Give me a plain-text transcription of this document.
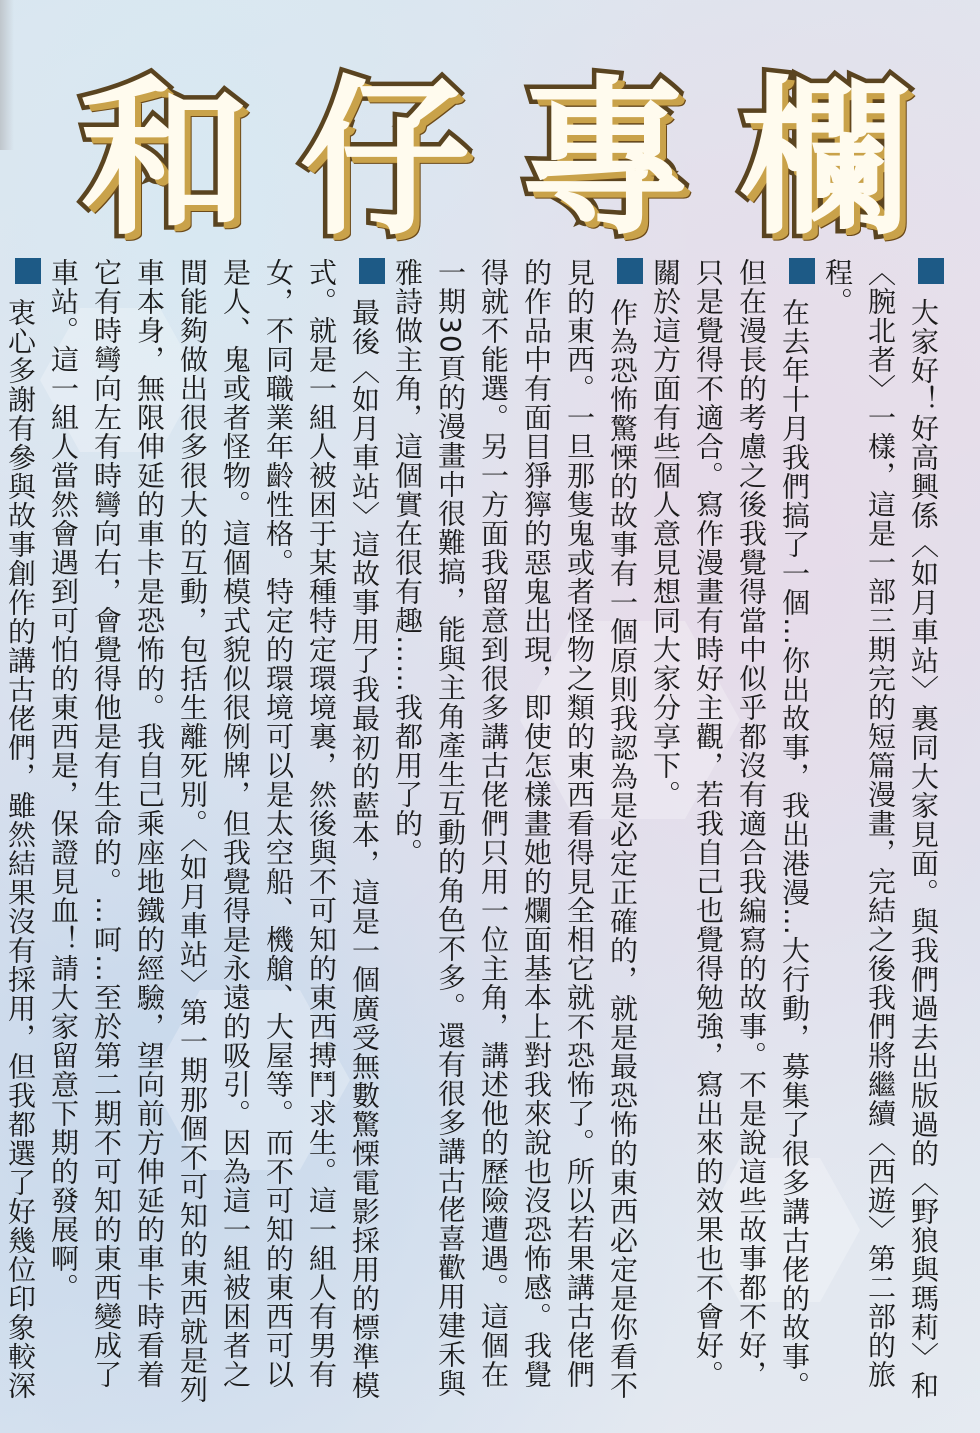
和 仔 專 欄

大家好！好高興係〈如月車站〉裏同大家見面。與我們過去出版過的〈野狼與瑪莉〉和〈腕北者〉一樣，這是一部三期完的短篇漫畫，完結之後我們將繼續〈西遊〉第二部的旅程。

在去年十月我們搞了一個…你出故事，我出港漫…大行動，募集了很多講古佬的故事。但在漫長的考慮之後我覺得當中似乎都沒有適合我編寫的故事。不是說這些故事都不好，只是覺得不適合。寫作漫畫有時好主觀，若我自己也覺得勉強，寫出來的效果也不會好。關於這方面有些個人意見想同大家分享下。

作為恐怖驚慄的故事有一個原則我認為是必定正確的，就是最恐怖的東西必定是你看不見的東西。一旦那隻鬼或者怪物之類的東西看得見全相它就不恐怖了。所以若果講古佬們的作品中有面目猙獰的惡鬼出現，即使怎樣畫她的爛面基本上對我來說也沒恐怖感。我覺得就不能選。另一方面我留意到很多講古佬們只用一位主角，講述他的歷險遭遇。這個在一期30頁的漫畫中很難搞，能與主角產生互動的角色不多。還有很多講古佬喜歡用建禾與雅詩做主角，這個實在很有趣……我都用了的。

最後〈如月車站〉這故事用了我最初的藍本，這是一個廣受無數驚慄電影採用的標準模式。就是一組人被困于某種特定環境裏，然後與不可知的東西搏鬥求生。這一組人有男有女，不同職業年齡性格。特定的環境可以是太空船、機艙、大屋等。而不可知的東西可以是人、鬼或者怪物。這個模式貌似很例牌，但我覺得是永遠的吸引。因為這一組被困者之間能夠做出很多很大的互動，包括生離死別。〈如月車站〉第一期那個不可知的東西就是列車本身，無限伸延的車卡是恐怖的。我自己乘座地鐵的經驗，望向前方伸延的車卡時看着它有時彎向左有時彎向右，會覺得他是有生命的。…呵…至於第二期不可知的東西變成了車站。這一組人當然會遇到可怕的東西是，保證見血！請大家留意下期的發展啊。

衷心多謝有參與故事創作的講古佬們，雖然結果沒有採用，但我都選了好幾位印象較深
